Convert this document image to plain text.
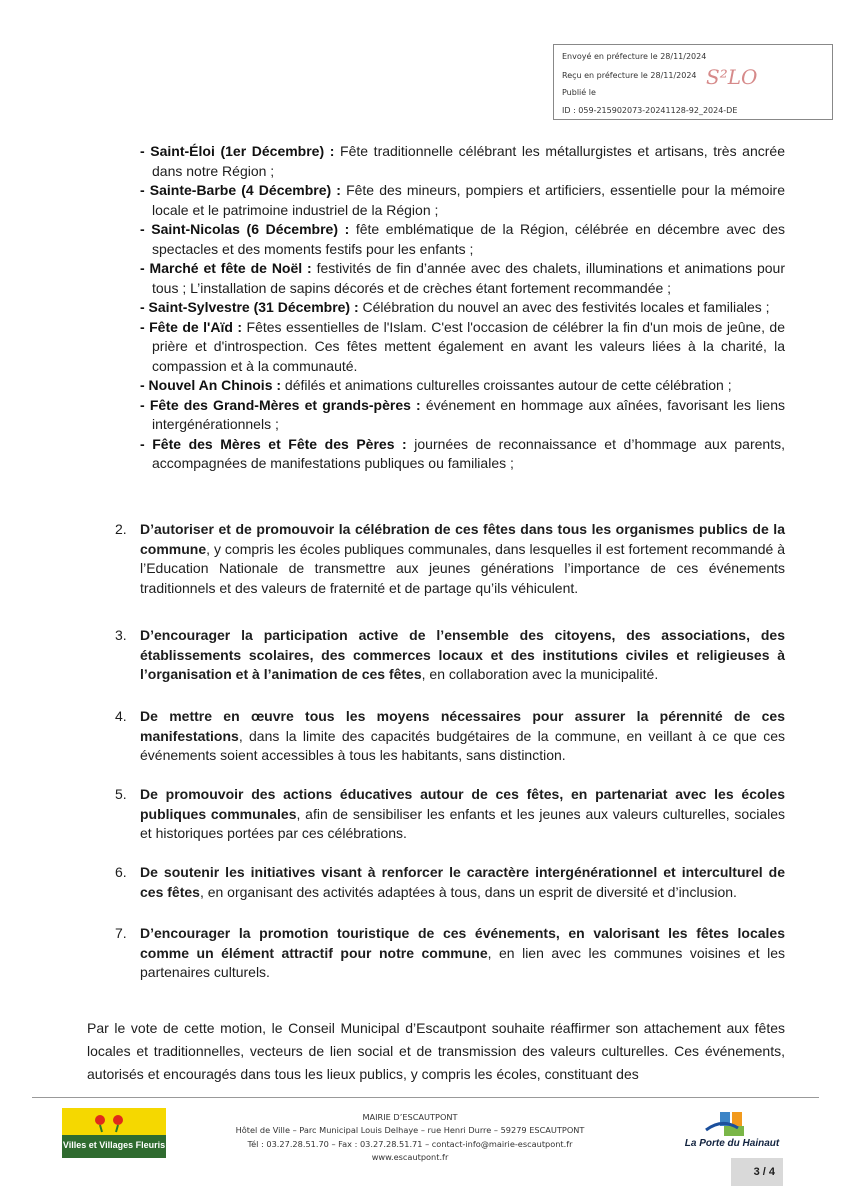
Envoyé en préfecture le 28/11/2024
Reçu en préfecture le 28/11/2024
Publié le
ID : 059-215902073-20241128-92_2024-DE
S²LO
- Saint-Éloi (1er Décembre) : Fête traditionnelle célébrant les métallurgistes et artisans, très ancrée dans notre Région ;
- Sainte-Barbe (4 Décembre) : Fête des mineurs, pompiers et artificiers, essentielle pour la mémoire locale et le patrimoine industriel de la Région ;
- Saint-Nicolas (6 Décembre) : fête emblématique de la Région, célébrée en décembre avec des spectacles et des moments festifs pour les enfants ;
- Marché et fête de Noël : festivités de fin d’année avec des chalets, illuminations et animations pour tous ; L’installation de sapins décorés et de crèches étant fortement recommandée ;
- Saint-Sylvestre (31 Décembre) : Célébration du nouvel an avec des festivités locales et familiales ;
- Fête de l'Aïd : Fêtes essentielles de l'Islam. C'est l'occasion de célébrer la fin d'un mois de jeûne, de prière et d'introspection. Ces fêtes mettent également en avant les valeurs liées à la charité, la compassion et à la communauté.
- Nouvel An Chinois : défilés et animations culturelles croissantes autour de cette célébration ;
- Fête des Grand-Mères et grands-pères : événement en hommage aux aînées, favorisant les liens intergénérationnels ;
- Fête des Mères et Fête des Pères : journées de reconnaissance et d’hommage aux parents, accompagnées de manifestations publiques ou familiales ;
2. D’autoriser et de promouvoir la célébration de ces fêtes dans tous les organismes publics de la commune, y compris les écoles publiques communales, dans lesquelles il est fortement recommandé à l’Education Nationale de transmettre aux jeunes générations l’importance de ces événements traditionnels et des valeurs de fraternité et de partage qu’ils véhiculent.
3. D’encourager la participation active de l’ensemble des citoyens, des associations, des établissements scolaires, des commerces locaux et des institutions civiles et religieuses à l’organisation et à l’animation de ces fêtes, en collaboration avec la municipalité.
4. De mettre en œuvre tous les moyens nécessaires pour assurer la pérennité de ces manifestations, dans la limite des capacités budgétaires de la commune, en veillant à ce que ces événements soient accessibles à tous les habitants, sans distinction.
5. De promouvoir des actions éducatives autour de ces fêtes, en partenariat avec les écoles publiques communales, afin de sensibiliser les enfants et les jeunes aux valeurs culturelles, sociales et historiques portées par ces célébrations.
6. De soutenir les initiatives visant à renforcer le caractère intergénérationnel et interculturel de ces fêtes, en organisant des activités adaptées à tous, dans un esprit de diversité et d’inclusion.
7. D’encourager la promotion touristique de ces événements, en valorisant les fêtes locales comme un élément attractif pour notre commune, en lien avec les communes voisines et les partenaires culturels.

Par le vote de cette motion, le Conseil Municipal d’Escautpont souhaite réaffirmer son attachement aux fêtes locales et traditionnelles, vecteurs de lien social et de transmission des valeurs culturelles. Ces événements, autorisés et encouragés dans tous les lieux publics, y compris les écoles, constituant des

Villes et Villages Fleuris
MAIRIE D’ESCAUTPONT
Hôtel de Ville – Parc Municipal Louis Delhaye – rue Henri Durre – 59279 ESCAUTPONT
Tél : 03.27.28.51.70 – Fax : 03.27.28.51.71 – contact-info@mairie-escautpont.fr
www.escautpont.fr
La Porte du Hainaut
3 / 4
